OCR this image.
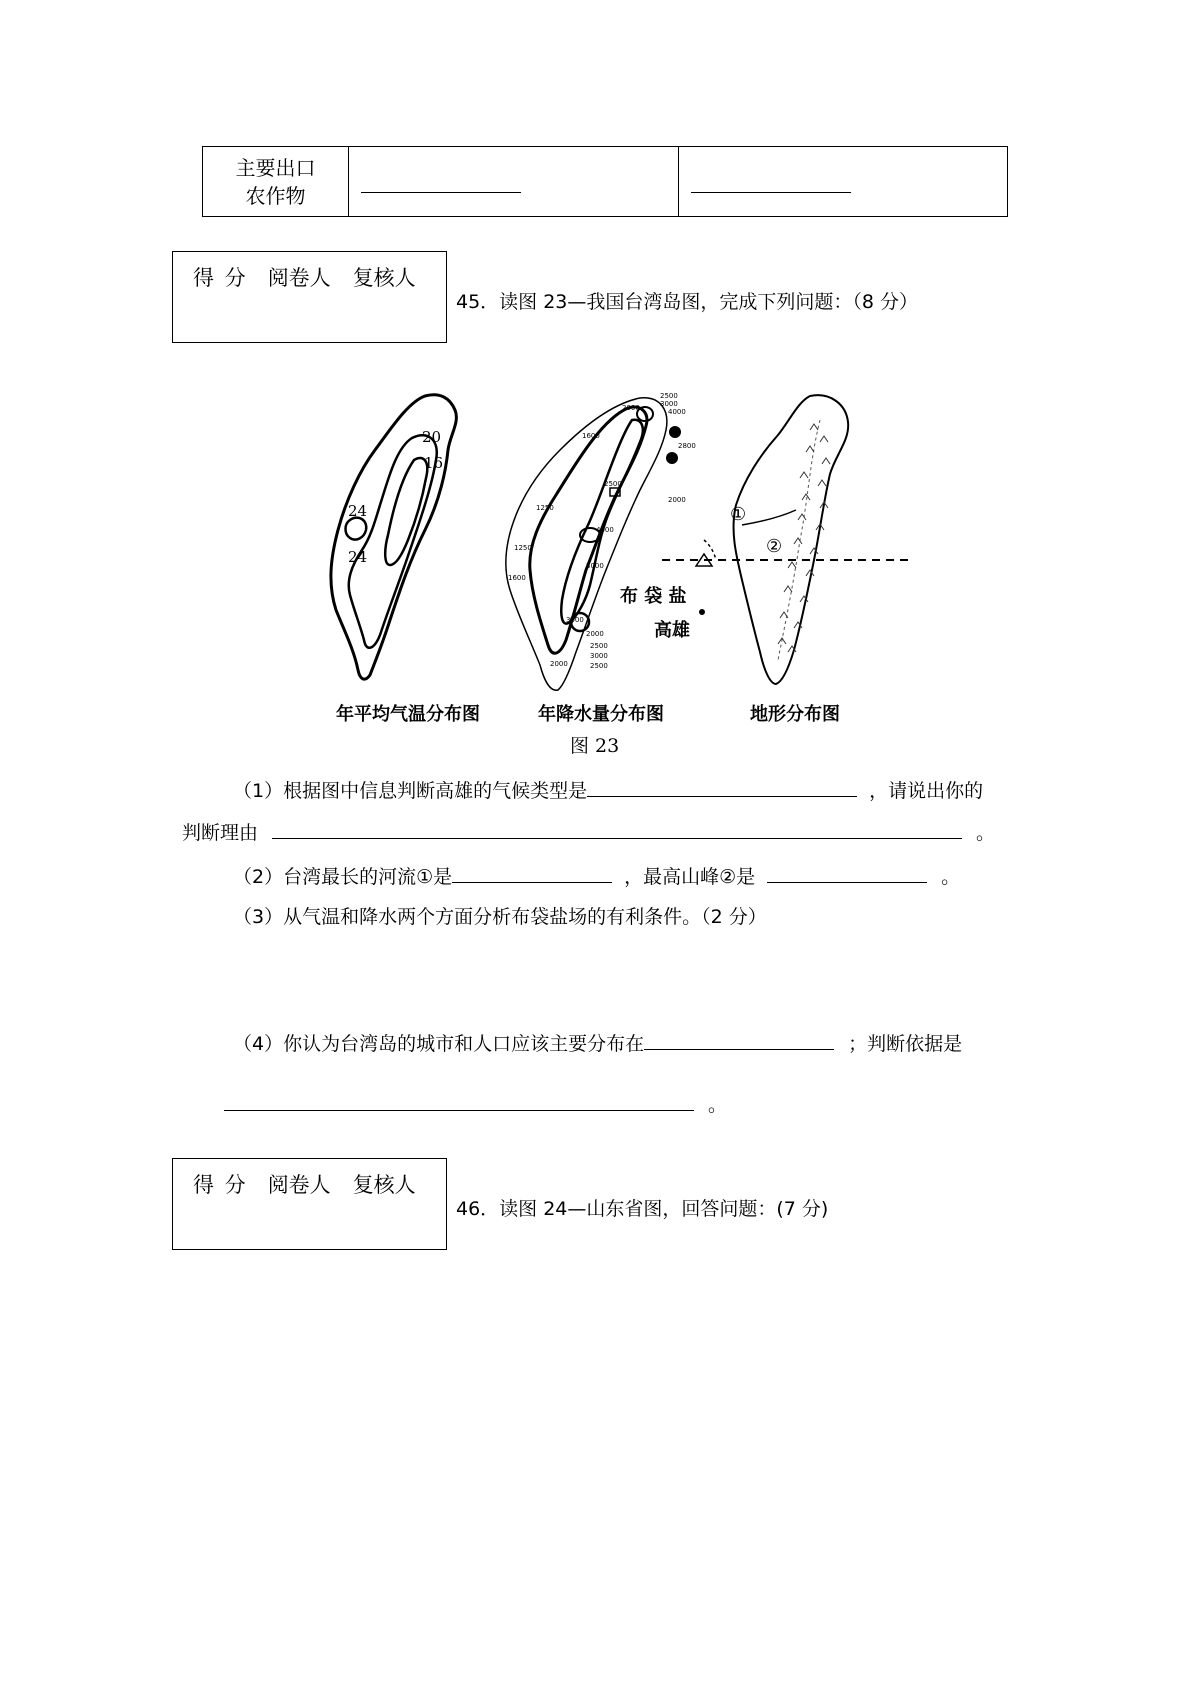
主要出口
农作物

得 分 阅卷人 复核人
45．读图 23—我国台湾岛图，完成下列问题：（8 分）
20
16
24
24
年平均气温分布图
2500
2000	3000
4000
1600
2800
1250
2500
2000
1250
1600
4000
3000
3000
2000
2500
2000
3000
2500
年降水量分布图
①
②
布 袋 盐
高雄
地形分布图
图 23
（1）根据图中信息判断高雄的气候类型是	，请说出你的
判断理由	。
（2）台湾最长的河流①是	，最高山峰②是	。
（3）从气温和降水两个方面分析布袋盐场的有利条件。（2 分）
（4）你认为台湾岛的城市和人口应该主要分布在	；判断依据是
。
得 分 阅卷人 复核人
46．读图 24—山东省图，回答问题：(7 分)
